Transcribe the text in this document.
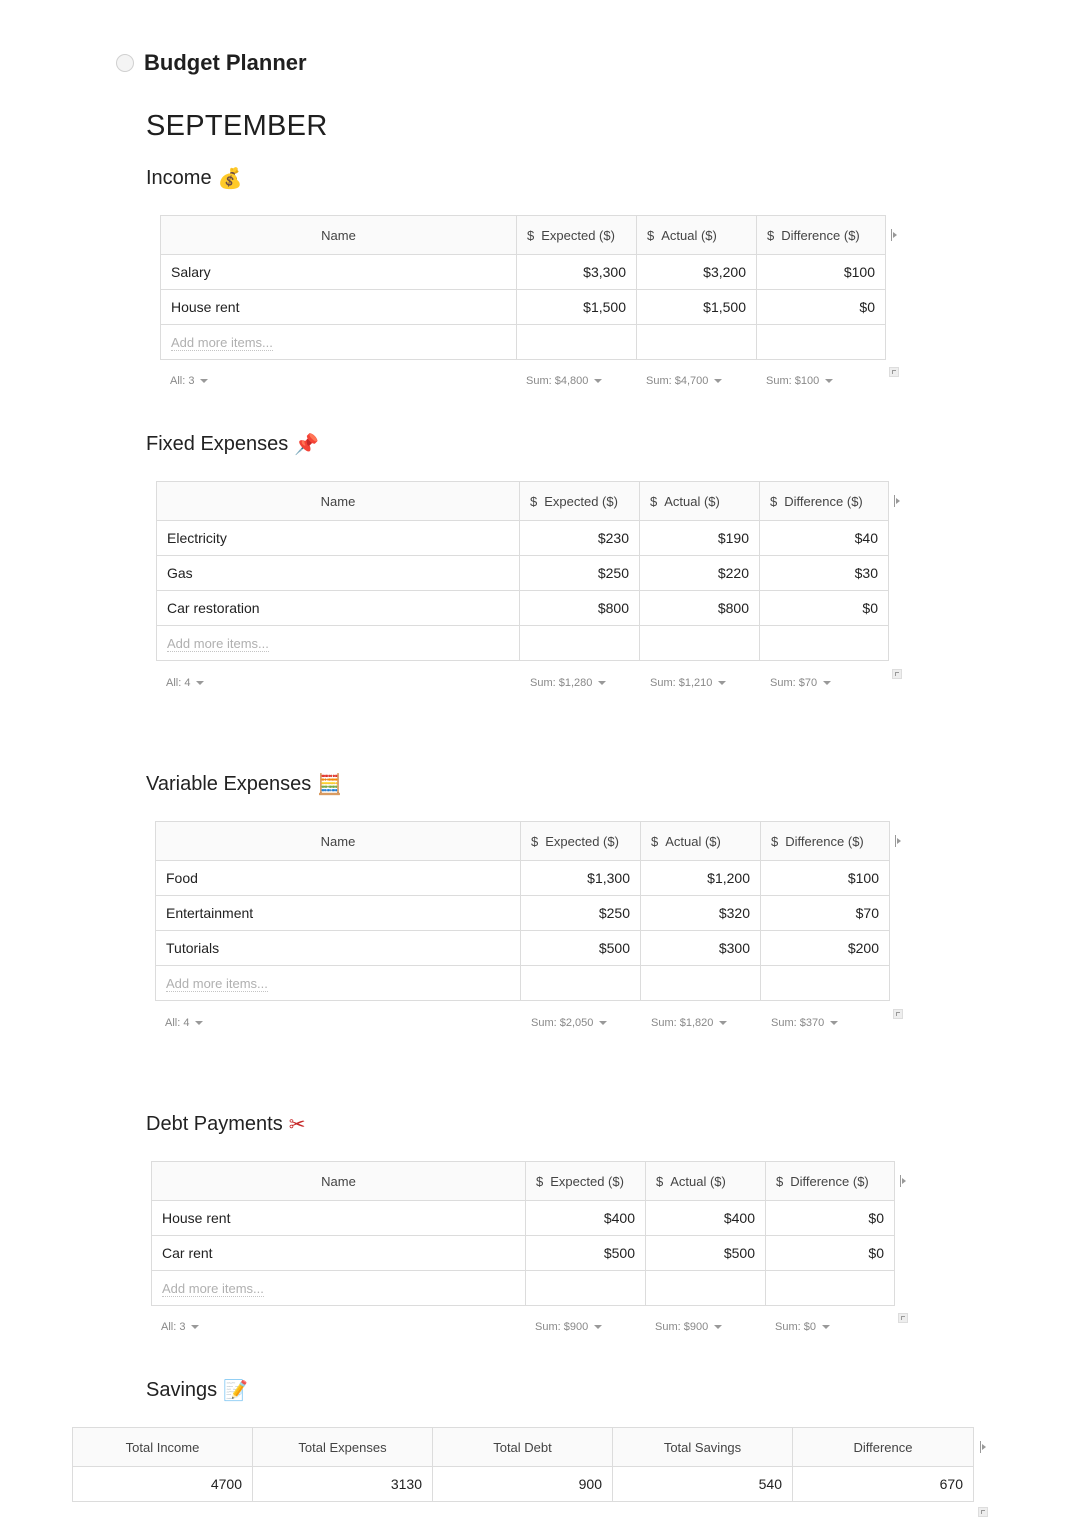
Budget Planner
SEPTEMBER
Income 💰
Name	$ Expected ($)	$ Actual ($)	$ Difference ($)
Salary	$3,300	$3,200	$100
House rent	$1,500	$1,500	$0
Add more items...			
All: 3	Sum: $4,800	Sum: $4,700	Sum: $100
Fixed Expenses 📌
Name	$ Expected ($)	$ Actual ($)	$ Difference ($)
Electricity	$230	$190	$40
Gas	$250	$220	$30
Car restoration	$800	$800	$0
Add more items...			
All: 4	Sum: $1,280	Sum: $1,210	Sum: $70
Variable Expenses 🧮
Name	$ Expected ($)	$ Actual ($)	$ Difference ($)
Food	$1,300	$1,200	$100
Entertainment	$250	$320	$70
Tutorials	$500	$300	$200
Add more items...			
All: 4	Sum: $2,050	Sum: $1,820	Sum: $370
Debt Payments ✂
Name	$ Expected ($)	$ Actual ($)	$ Difference ($)
House rent	$400	$400	$0
Car rent	$500	$500	$0
Add more items...			
All: 3	Sum: $900	Sum: $900	Sum: $0
Savings 📝
Total Income	Total Expenses	Total Debt	Total Savings	Difference
4700	3130	900	540	670
